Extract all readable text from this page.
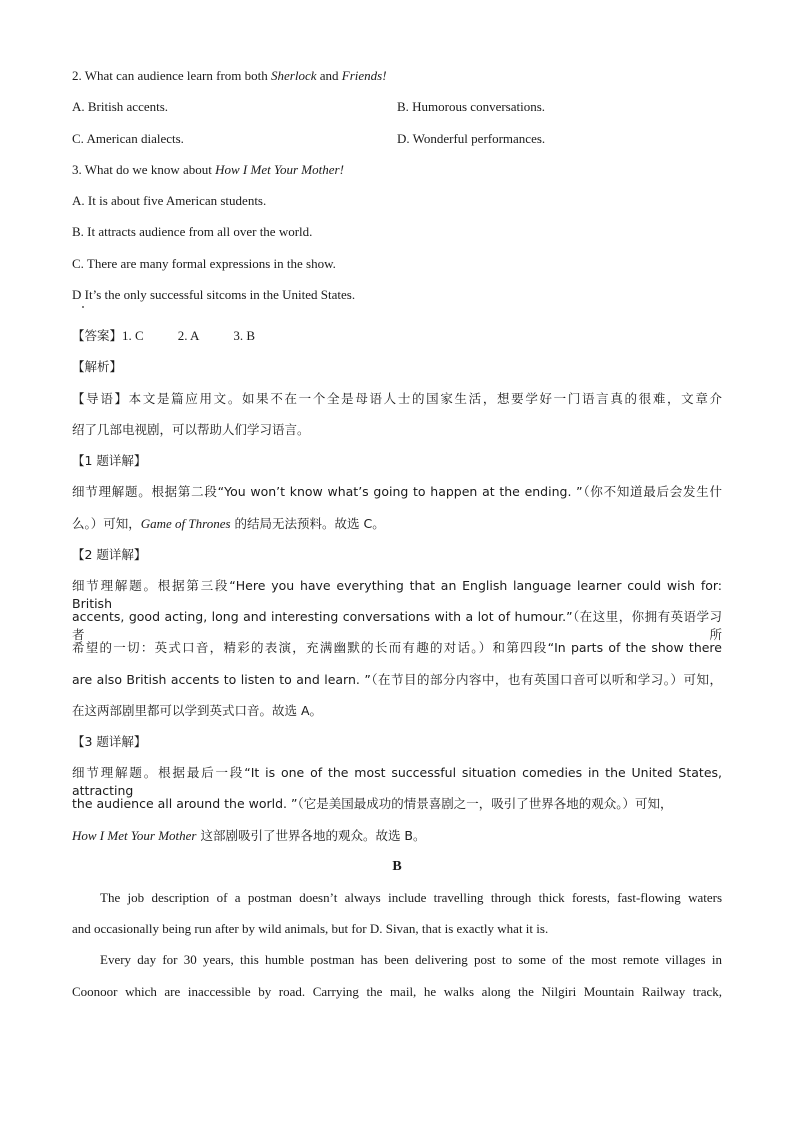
2. What can audience learn from both Sherlock and Friends!
A. British accents.	B. Humorous conversations.
C. American dialects.	D. Wonderful performances.
3. What do we know about How I Met Your Mother!
A. It is about five American students.
B. It attracts audience from all over the world.
C. There are many formal expressions in the show.
D It’s the only successful sitcoms in the United States.
【答案】1. C	2. A	3. B
【解析】
【导语】本文是篇应用文。如果不在一个全是母语人士的国家生活，想要学好一门语言真的很难，文章介
绍了几部电视剧，可以帮助人们学习语言。
【1 题详解】
细节理解题。根据第二段“You won’t know what’s going to happen at the ending. ”（你不知道最后会发生什
么。）可知，Game of Thrones 的结局无法预料。故选 C。
【2 题详解】
细节理解题。根据第三段“Here you have everything that an English language learner could wish for: British
accents, good acting, long and interesting conversations with a lot of humour.”（在这里，你拥有英语学习者所
希望的一切：英式口音，精彩的表演，充满幽默的长而有趣的对话。）和第四段“In parts of the show there
are also British accents to listen to and learn. ”（在节目的部分内容中，也有英国口音可以听和学习。）可知，
在这两部剧里都可以学到英式口音。故选 A。
【3 题详解】
细节理解题。根据最后一段“It is one of the most successful situation comedies in the United States, attracting
the audience all around the world. ”（它是美国最成功的情景喜剧之一，吸引了世界各地的观众。）可知，
How I Met Your Mother 这部剧吸引了世界各地的观众。故选 B。
B
The job description of a postman doesn’t always include travelling through thick forests, fast-flowing waters
and occasionally being run after by wild animals, but for D. Sivan, that is exactly what it is.
Every day for 30 years, this humble postman has been delivering post to some of the most remote villages in
Coonoor which are inaccessible by road. Carrying the mail, he walks along the Nilgiri Mountain Railway track,
